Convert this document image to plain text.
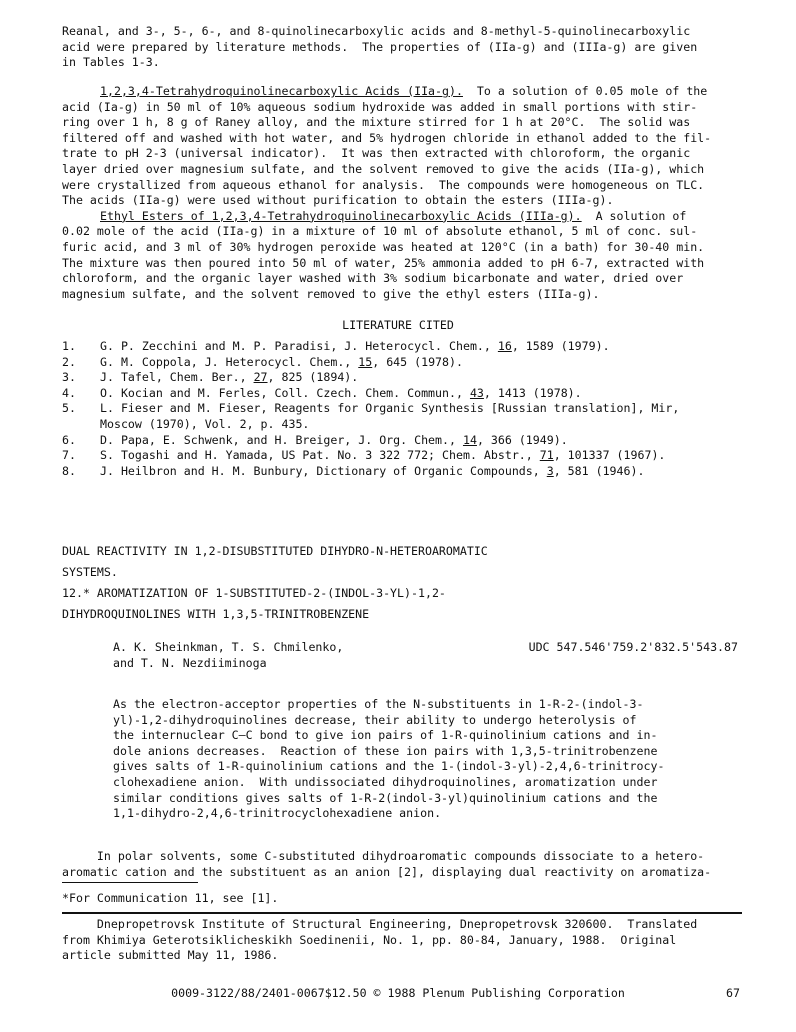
Reanal, and 3-, 5-, 6-, and 8-quinolinecarboxylic acids and 8-methyl-5-quinolinecarboxylic

acid were prepared by literature methods.  The properties of (IIa-g) and (IIIa-g) are given

in Tables 1-3.

1,2,3,4-Tetrahydroquinolinecarboxylic Acids (IIa-g).  To a solution of 0.05 mole of the

acid (Ia-g) in 50 ml of 10% aqueous sodium hydroxide was added in small portions with stir-

ring over 1 h, 8 g of Raney alloy, and the mixture stirred for 1 h at 20°C.  The solid was

filtered off and washed with hot water, and 5% hydrogen chloride in ethanol added to the fil-

trate to pH 2-3 (universal indicator).  It was then extracted with chloroform, the organic

layer dried over magnesium sulfate, and the solvent removed to give the acids (IIa-g), which

were crystallized from aqueous ethanol for analysis.  The compounds were homogeneous on TLC.

The acids (IIa-g) were used without purification to obtain the esters (IIIa-g).

Ethyl Esters of 1,2,3,4-Tetrahydroquinolinecarboxylic Acids (IIIa-g).  A solution of

0.02 mole of the acid (IIa-g) in a mixture of 10 ml of absolute ethanol, 5 ml of conc. sul-

furic acid, and 3 ml of 30% hydrogen peroxide was heated at 120°C (in a bath) for 30-40 min.

The mixture was then poured into 50 ml of water, 25% ammonia added to pH 6-7, extracted with

chloroform, and the organic layer washed with 3% sodium bicarbonate and water, dried over

magnesium sulfate, and the solvent removed to give the ethyl esters (IIIa-g).

LITERATURE CITED
1.	G. P. Zecchini and M. P. Paradisi, J. Heterocycl. Chem., 16, 1589 (1979).
2.	G. M. Coppola, J. Heterocycl. Chem., 15, 645 (1978).
3.	J. Tafel, Chem. Ber., 27, 825 (1894).
4.	O. Kocian and M. Ferles, Coll. Czech. Chem. Commun., 43, 1413 (1978).
5.	L. Fieser and M. Fieser, Reagents for Organic Synthesis [Russian translation], Mir,
Moscow (1970), Vol. 2, p. 435.
6.	D. Papa, E. Schwenk, and H. Breiger, J. Org. Chem., 14, 366 (1949).
7.	S. Togashi and H. Yamada, US Pat. No. 3 322 772; Chem. Abstr., 71, 101337 (1967).
8.	J. Heilbron and H. M. Bunbury, Dictionary of Organic Compounds, 3, 581 (1946).

DUAL REACTIVITY IN 1,2-DISUBSTITUTED DIHYDRO-N-HETEROAROMATIC

SYSTEMS.

12.* AROMATIZATION OF 1-SUBSTITUTED-2-(INDOL-3-YL)-1,2-

DIHYDROQUINOLINES WITH 1,3,5-TRINITROBENZENE

A. K. Sheinkman, T. S. Chmilenko,

and T. N. Nezdiiminoga

UDC 547.546'759.2'832.5'543.87

As the electron-acceptor properties of the N-substituents in 1-R-2-(indol-3-

yl)-1,2-dihydroquinolines decrease, their ability to undergo heterolysis of

the internuclear C—C bond to give ion pairs of 1-R-quinolinium cations and in-

dole anions decreases.  Reaction of these ion pairs with 1,3,5-trinitrobenzene

gives salts of 1-R-quinolinium cations and the 1-(indol-3-yl)-2,4,6-trinitrocy-

clohexadiene anion.  With undissociated dihydroquinolines, aromatization under

similar conditions gives salts of 1-R-2(indol-3-yl)quinolinium cations and the

1,1-dihydro-2,4,6-trinitrocyclohexadiene anion.

In polar solvents, some C-substituted dihydroaromatic compounds dissociate to a hetero-

aromatic cation and the substituent as an anion [2], displaying dual reactivity on aromatiza-

*For Communication 11, see [1].

Dnepropetrovsk Institute of Structural Engineering, Dnepropetrovsk 320600.  Translated

from Khimiya Geterotsiklicheskikh Soedinenii, No. 1, pp. 80-84, January, 1988.  Original

article submitted May 11, 1986.

0009-3122/88/2401-0067$12.50 © 1988 Plenum Publishing Corporation	67
